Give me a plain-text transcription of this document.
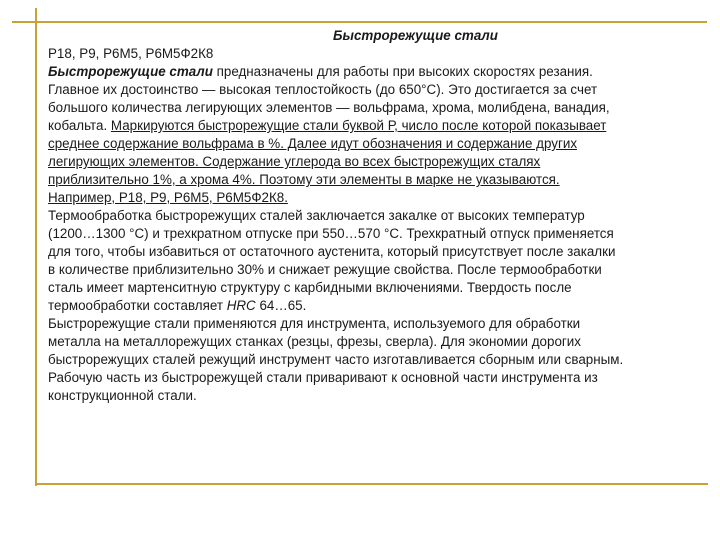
Быстрорежущие стали
Р18, Р9, Р6М5, Р6М5Ф2К8
Быстрорежущие стали предназначены для работы при высоких скоростях резания.
Главное их достоинство — высокая теплостойкость (до 650°С). Это достигается за счет
большого количества легирующих элементов — вольфрама, хрома, молибдена, ванадия,
кобальта. Маркируются быстрорежущие стали буквой Р, число после которой показывает
среднее содержание вольфрама в %. Далее идут обозначения и содержание других
легирующих элементов. Содержание углерода во всех быстрорежущих сталях
приблизительно 1%, а хрома 4%. Поэтому эти элементы в марке не указываются.
Например, Р18, Р9, Р6М5, Р6М5Ф2К8.
Термообработка быстрорежущих сталей заключается закалке от высоких температур
(1200…1300 °С) и трехкратном отпуске при 550…570 °С. Трехкратный отпуск применяется
для того, чтобы избавиться от остаточного аустенита, который присутствует после закалки
в количестве приблизительно 30% и снижает режущие свойства. После термообработки
сталь имеет мартенситную структуру с карбидными включениями. Твердость после
термообработки составляет HRC 64…65.
Быстрорежущие стали применяются для инструмента, используемого для обработки
металла на металлорежущих станках (резцы, фрезы, сверла). Для экономии дорогих
быстрорежущих сталей режущий инструмент часто изготавливается сборным или сварным.
Рабочую часть из быстрорежущей стали приваривают к основной части инструмента из
конструкционной стали.
